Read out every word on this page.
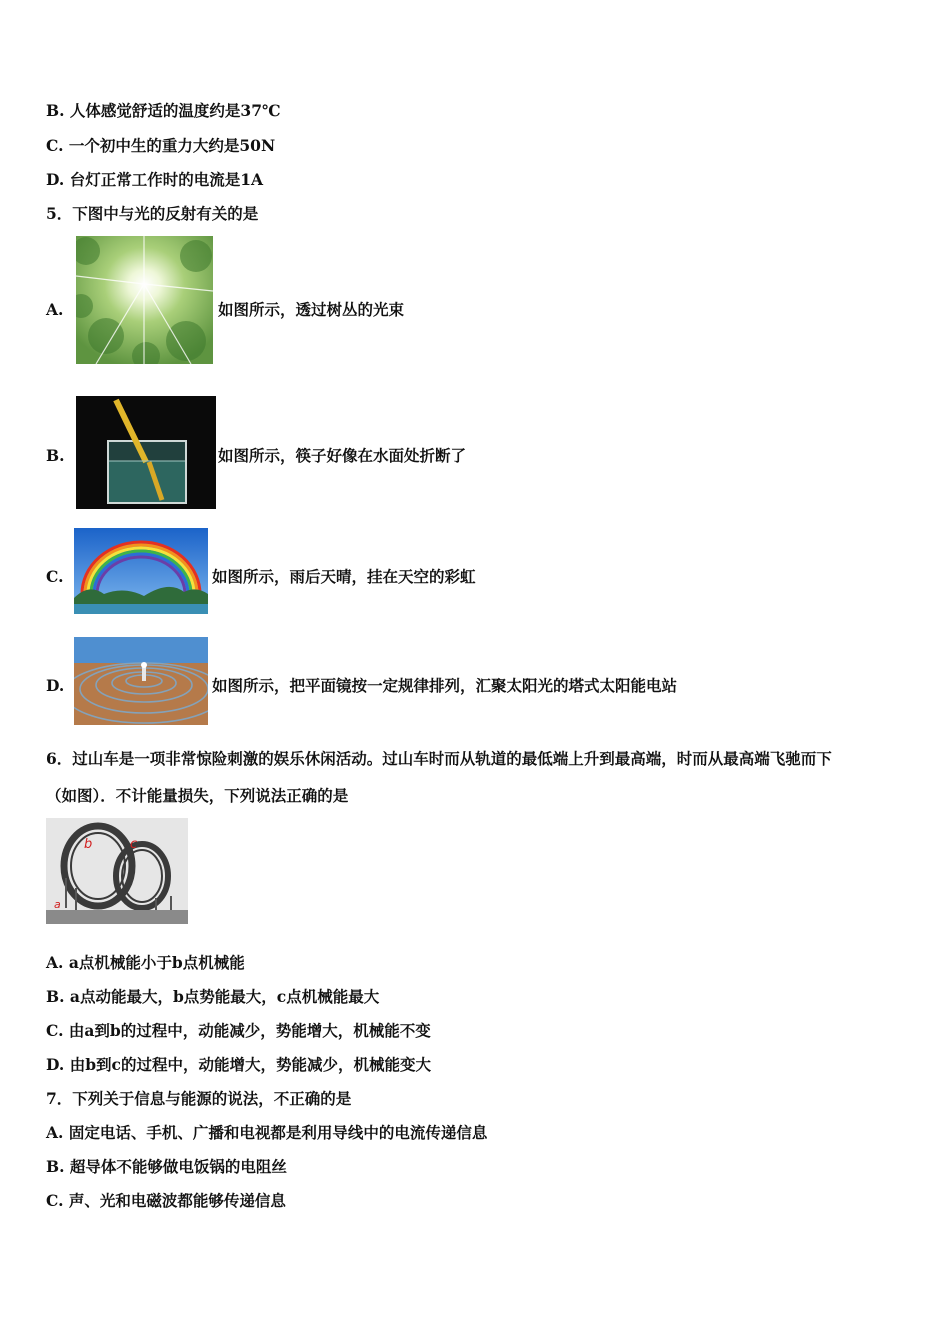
B. 人体感觉舒适的温度约是37℃
C. 一个初中生的重力大约是50N
D. 台灯正常工作时的电流是1A
5．下图中与光的反射有关的是
A.	如图所示，透过树丛的光束
B.	如图所示，筷子好像在水面处折断了
C.	如图所示，雨后天晴，挂在天空的彩虹
D.	如图所示，把平面镜按一定规律排列，汇聚太阳光的塔式太阳能电站
6．过山车是一项非常惊险刺激的娱乐休闲活动。过山车时而从轨道的最低端上升到最高端，时而从最高端飞驰而下
（如图）．不计能量损失，下列说法正确的是
a
b	c
A. a点机械能小于b点机械能
B. a点动能最大，b点势能最大，c点机械能最大
C. 由a到b的过程中，动能减少，势能增大，机械能不变
D. 由b到c的过程中，动能增大，势能减少，机械能变大
7．下列关于信息与能源的说法，不正确的是
A. 固定电话、手机、广播和电视都是利用导线中的电流传递信息
B. 超导体不能够做电饭锅的电阻丝
C. 声、光和电磁波都能够传递信息
